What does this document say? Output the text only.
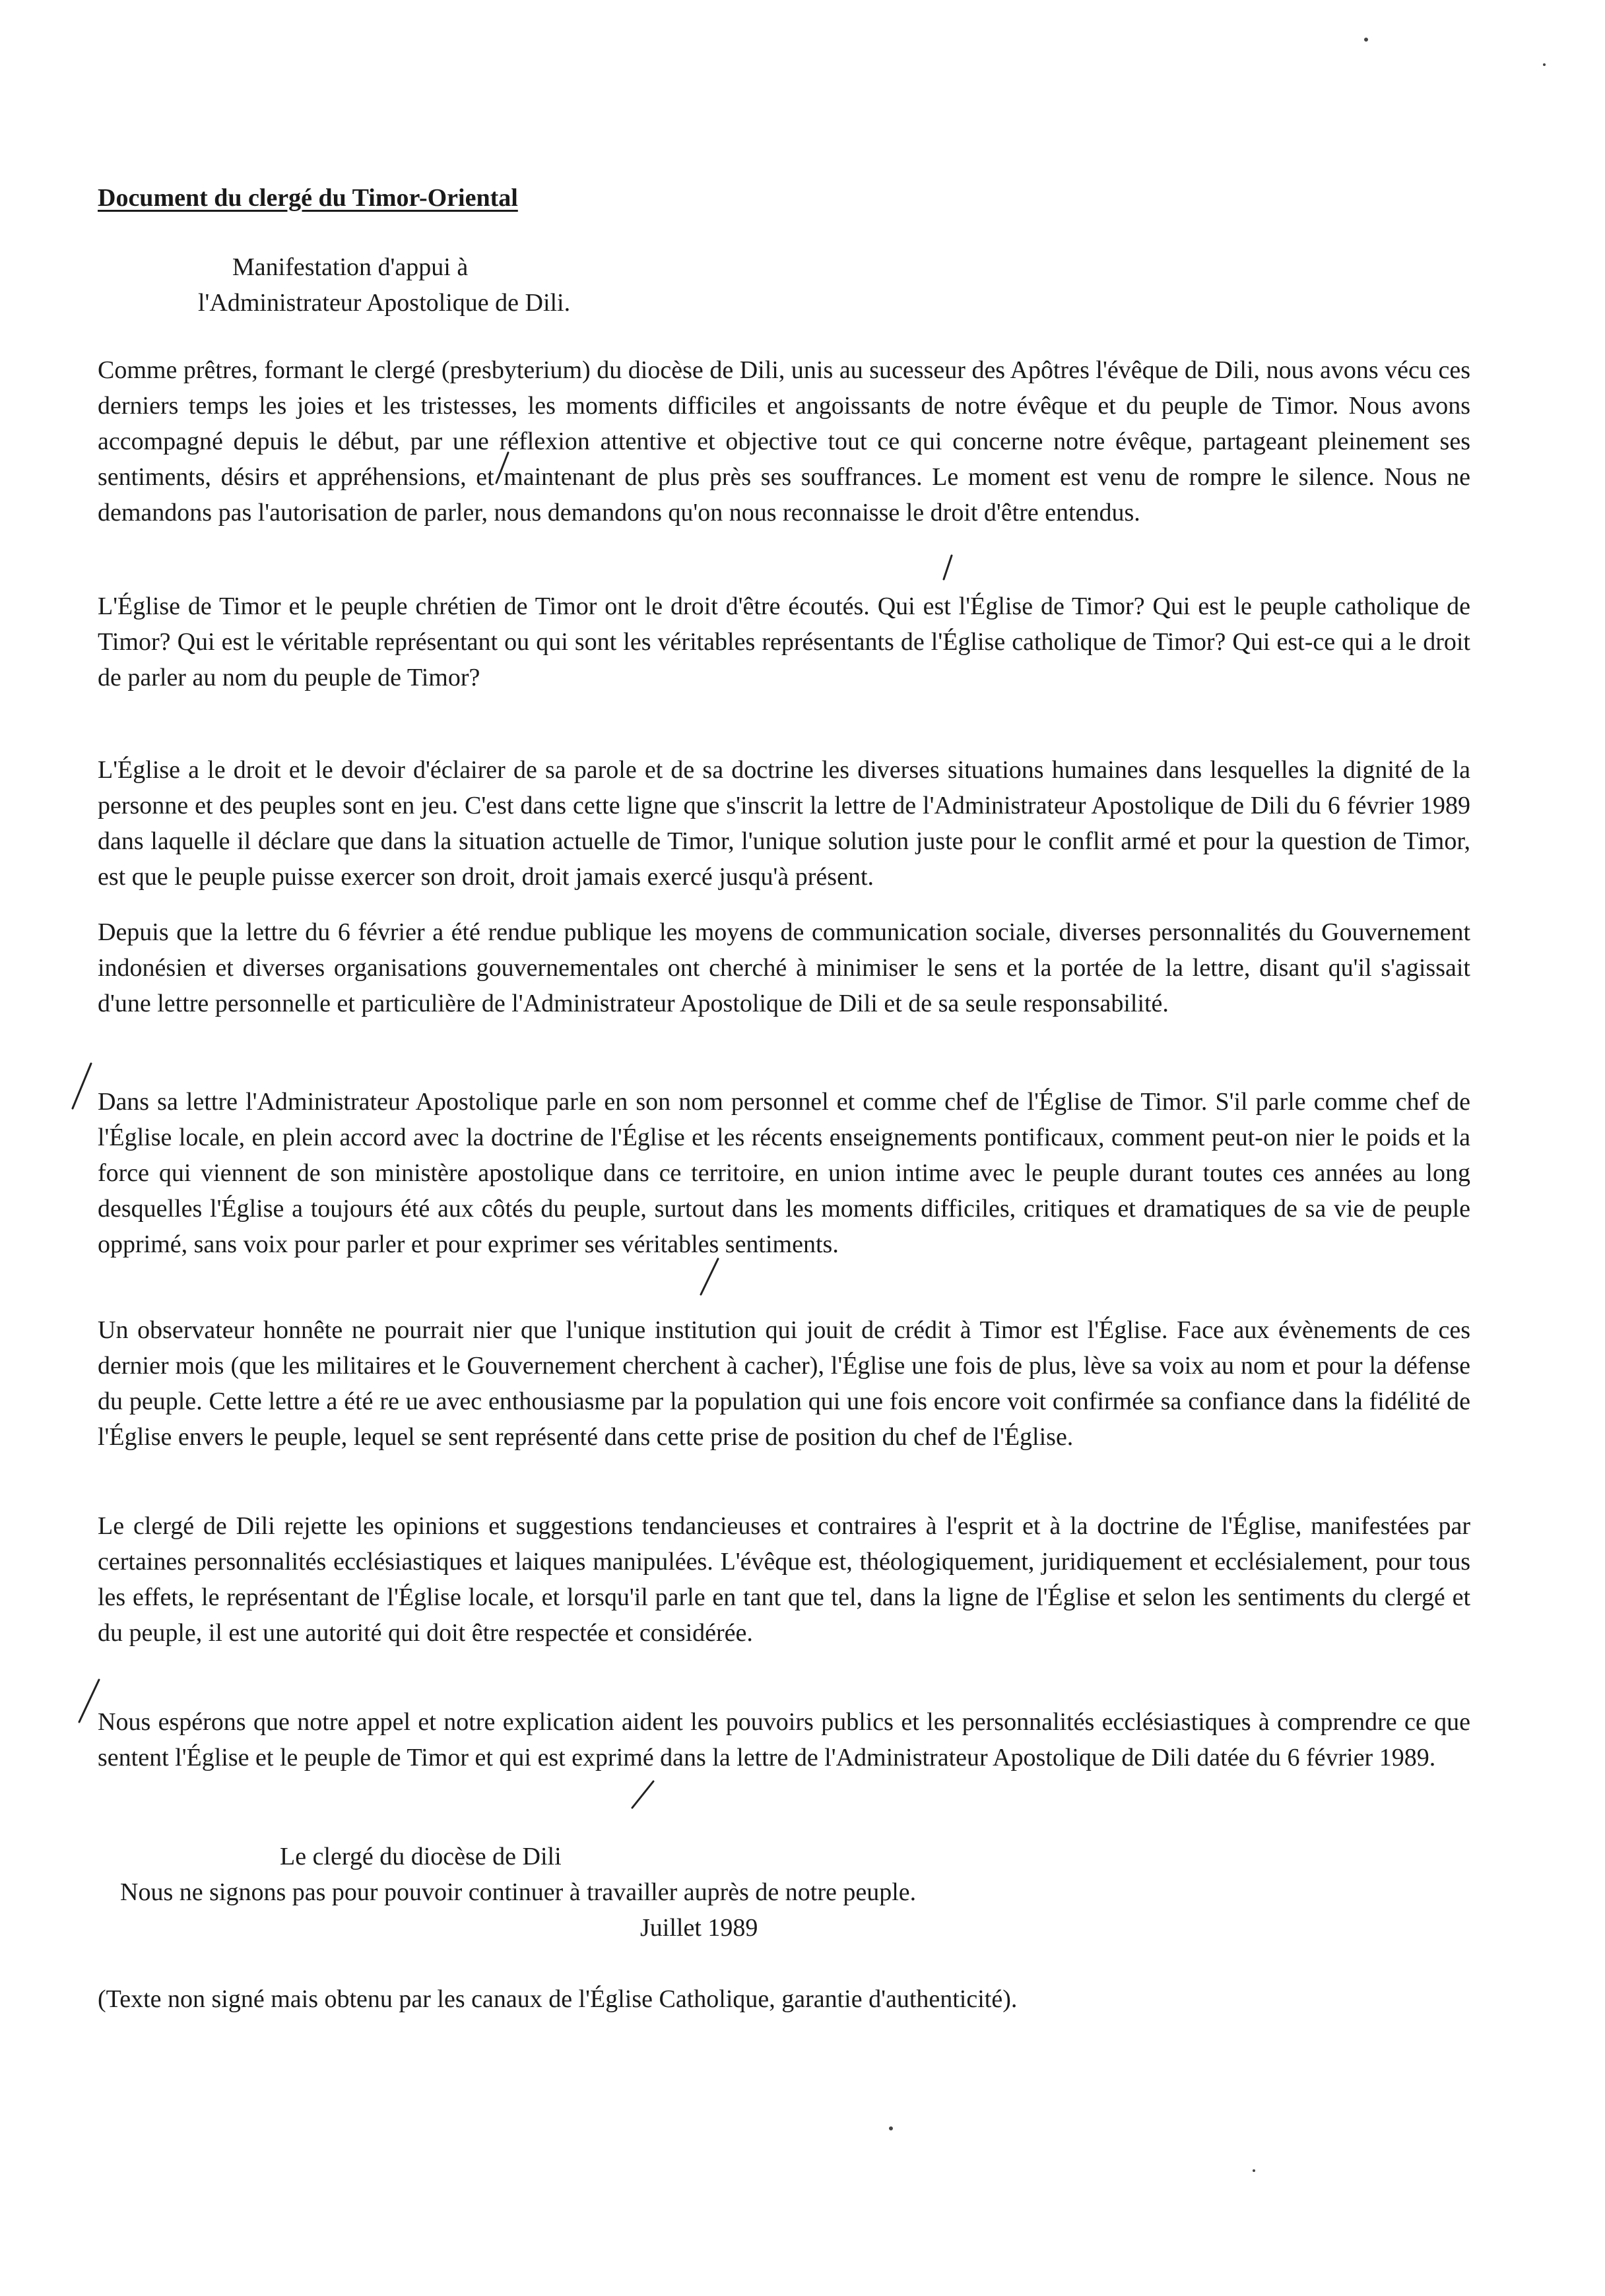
Document du clergé du Timor-Oriental
Manifestation d'appui à
l'Administrateur Apostolique de Dili.

Comme prêtres, formant le clergé (presbyterium) du diocèse de Dili, unis au sucesseur des Apôtres l'évêque de Dili, nous avons vécu ces derniers temps les joies et les tristesses, les moments difficiles et angoissants de notre évêque et du peuple de Timor. Nous avons accompagné depuis le début, par une réflexion attentive et objective tout ce qui concerne notre évêque, partageant pleinement ses sentiments, désirs et appréhensions, et maintenant de plus près ses souffrances. Le moment est venu de rompre le silence. Nous ne demandons pas l'autorisation de parler, nous demandons qu'on nous reconnaisse le droit d'être entendus.

L'Église de Timor et le peuple chrétien de Timor ont le droit d'être écoutés. Qui est l'Église de Timor? Qui est le peuple catholique de Timor? Qui est le véritable représentant ou qui sont les véritables représentants de l'Église catholique de Timor? Qui est-ce qui a le droit de parler au nom du peuple de Timor?

L'Église a le droit et le devoir d'éclairer de sa parole et de sa doctrine les diverses situations humaines dans lesquelles la dignité de la personne et des peuples sont en jeu. C'est dans cette ligne que s'inscrit la lettre de l'Administrateur Apostolique de Dili du 6 février 1989 dans laquelle il déclare que dans la situation actuelle de Timor, l'unique solution juste pour le conflit armé et pour la question de Timor, est que le peuple puisse exercer son droit, droit jamais exercé jusqu'à présent.

Depuis que la lettre du 6 février a été rendue publique les moyens de communication sociale, diverses personnalités du Gouvernement indonésien et diverses organisations gouvernementales ont cherché à minimiser le sens et la portée de la lettre, disant qu'il s'agissait d'une lettre personnelle et particulière de l'Administrateur Apostolique de Dili et de sa seule responsabilité.

Dans sa lettre l'Administrateur Apostolique parle en son nom personnel et comme chef de l'Église de Timor. S'il parle comme chef de l'Église locale, en plein accord avec la doctrine de l'Église et les récents enseignements pontificaux, comment peut-on nier le poids et la force qui viennent de son ministère apostolique dans ce territoire, en union intime avec le peuple durant toutes ces années au long desquelles l'Église a toujours été aux côtés du peuple, surtout dans les moments difficiles, critiques et dramatiques de sa vie de peuple opprimé, sans voix pour parler et pour exprimer ses véritables sentiments.

Un observateur honnête ne pourrait nier que l'unique institution qui jouit de crédit à Timor est l'Église. Face aux évènements de ces dernier mois (que les militaires et le Gouvernement cherchent à cacher), l'Église une fois de plus, lève sa voix au nom et pour la défense du peuple. Cette lettre a été re ue avec enthousiasme par la population qui une fois encore voit confirmée sa confiance dans la fidélité de l'Église envers le peuple, lequel se sent représenté dans cette prise de position du chef de l'Église.

Le clergé de Dili rejette les opinions et suggestions tendancieuses et contraires à l'esprit et à la doctrine de l'Église, manifestées par certaines personnalités ecclésiastiques et laiques manipulées. L'évêque est, théologiquement, juridiquement et ecclésialement, pour tous les effets, le représentant de l'Église locale, et lorsqu'il parle en tant que tel, dans la ligne de l'Église et selon les sentiments du clergé et du peuple, il est une autorité qui doit être respectée et considérée.

Nous espérons que notre appel et notre explication aident les pouvoirs publics et les personnalités ecclésiastiques à comprendre ce que sentent l'Église et le peuple de Timor et qui est exprimé dans la lettre de l'Administrateur Apostolique de Dili datée du 6 février 1989.

Le clergé du diocèse de Dili
Nous ne signons pas pour pouvoir continuer à travailler auprès de notre peuple.
Juillet 1989
(Texte non signé mais obtenu par les canaux de l'Église Catholique, garantie d'authenticité).
